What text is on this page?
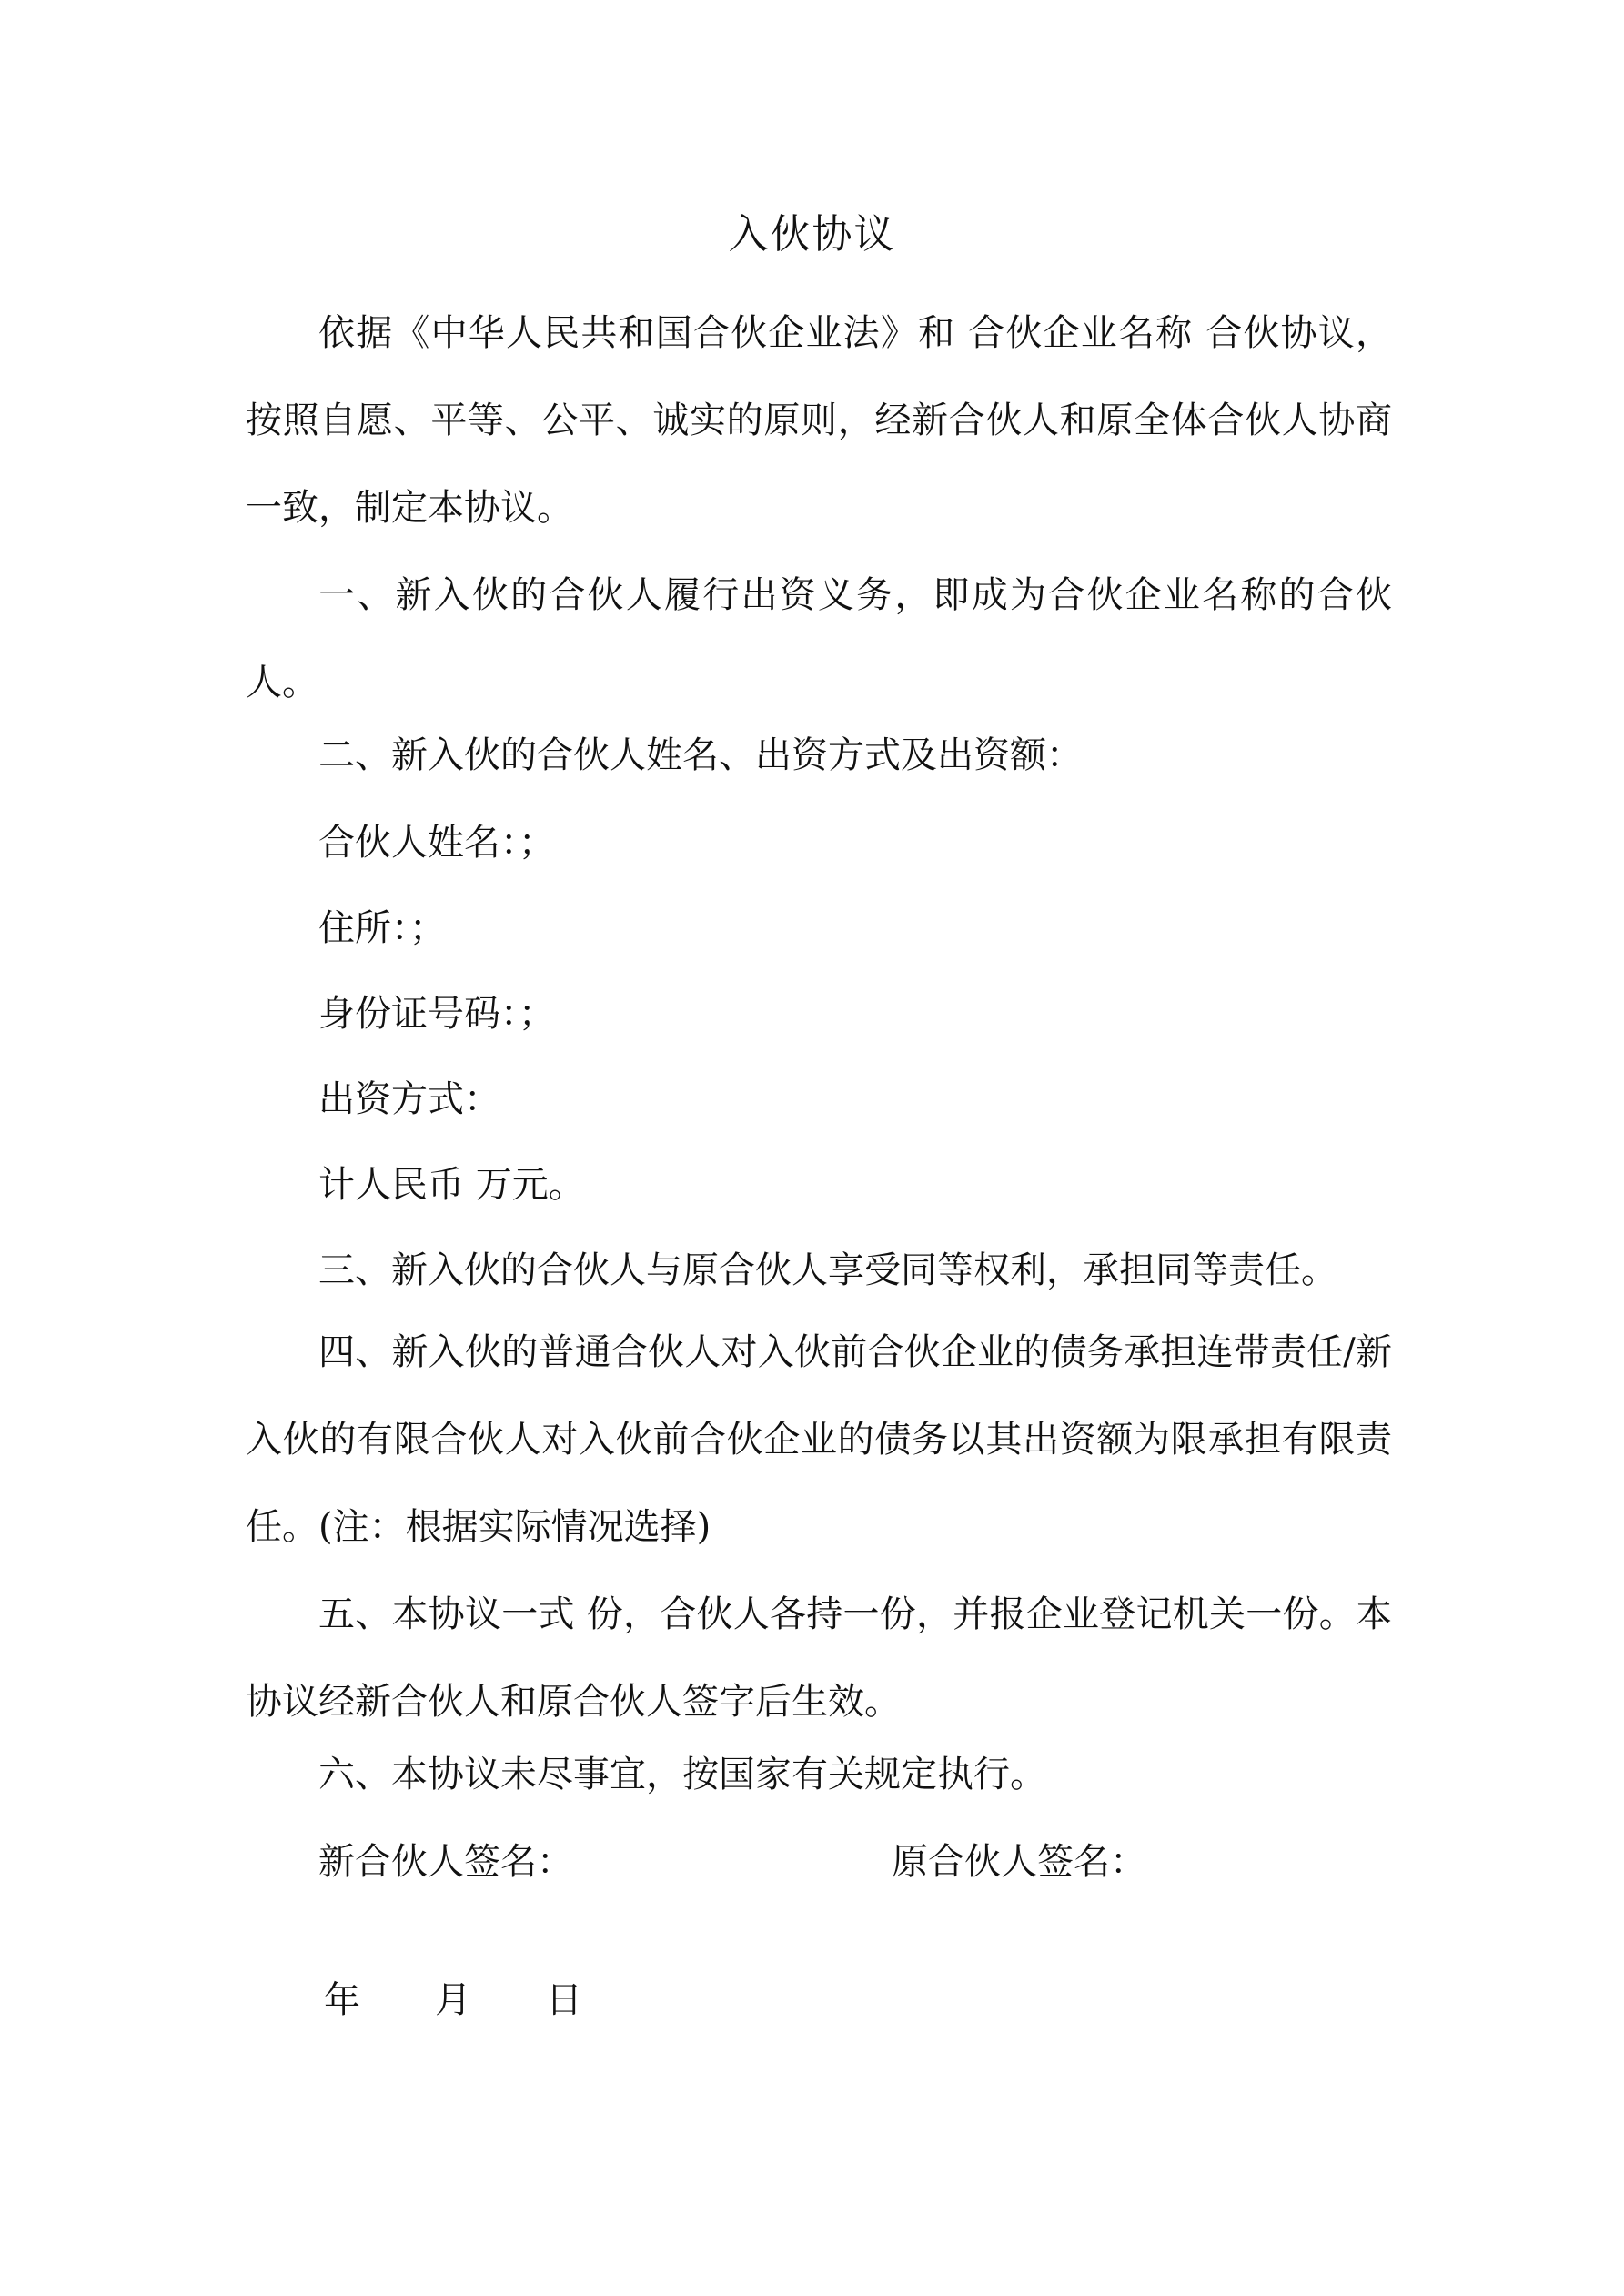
入伙协议
依据《中华人民共和国合伙企业法》和 合伙企业名称 合伙协议，按照自愿、平等、公平、诚实的原则，经新合伙人和原全体合伙人协商一致，制定本协议。
一、新入伙的合伙人履行出资义务，即成为合伙企业名称的合伙人。
二、新入伙的合伙人姓名、出资方式及出资额：
合伙人姓名：；
住所：；
身份证号码：；
出资方式：
计人民币 万元。
三、新入伙的合伙人与原合伙人享受同等权利，承担同等责任。
四、新入伙的普通合伙人对入伙前合伙企业的债务承担连带责任/新入伙的有限合伙人对入伙前合伙企业的债务以其出资额为限承担有限责任。(注：根据实际情况选择)
五、本协议一式 份，合伙人各持一份，并报企业登记机关一份。本协议经新合伙人和原合伙人签字后生效。
六、本协议未尽事宜，按国家有关规定执行。
新合伙人签名：	原合伙人签名：
年 月 日
